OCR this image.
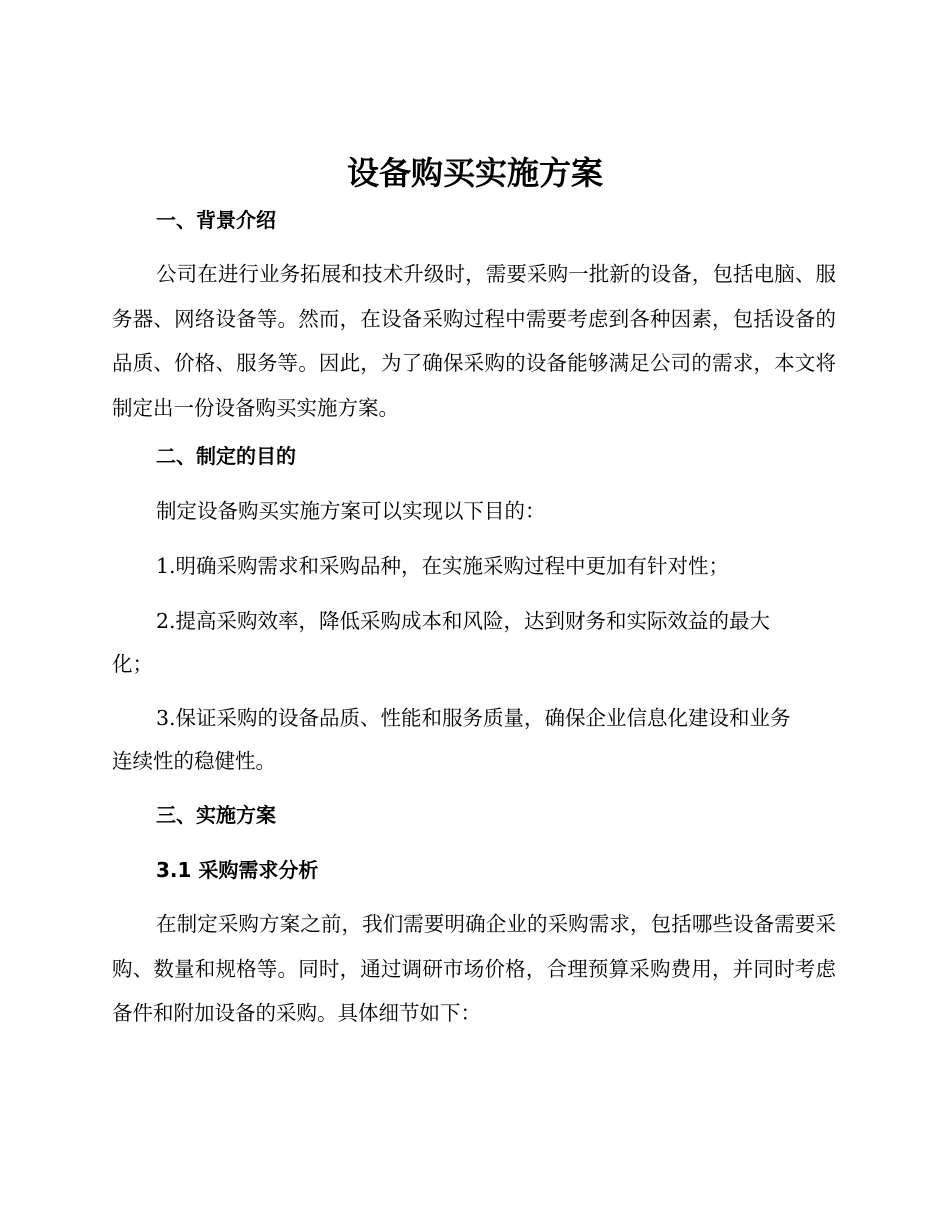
设备购买实施方案
一、背景介绍

公司在进行业务拓展和技术升级时，需要采购一批新的设备，包括电脑、服务器、网络设备等。然而，在设备采购过程中需要考虑到各种因素，包括设备的品质、价格、服务等。因此，为了确保采购的设备能够满足公司的需求，本文将制定出一份设备购买实施方案。

二、制定的目的

制定设备购买实施方案可以实现以下目的：

1.明确采购需求和采购品种，在实施采购过程中更加有针对性；

2.提高采购效率，降低采购成本和风险，达到财务和实际效益的最大

化；

3.保证采购的设备品质、性能和服务质量，确保企业信息化建设和业务

连续性的稳健性。

三、实施方案
3.1 采购需求分析

在制定采购方案之前，我们需要明确企业的采购需求，包括哪些设备需要采购、数量和规格等。同时，通过调研市场价格，合理预算采购费用，并同时考虑备件和附加设备的采购。具体细节如下：
